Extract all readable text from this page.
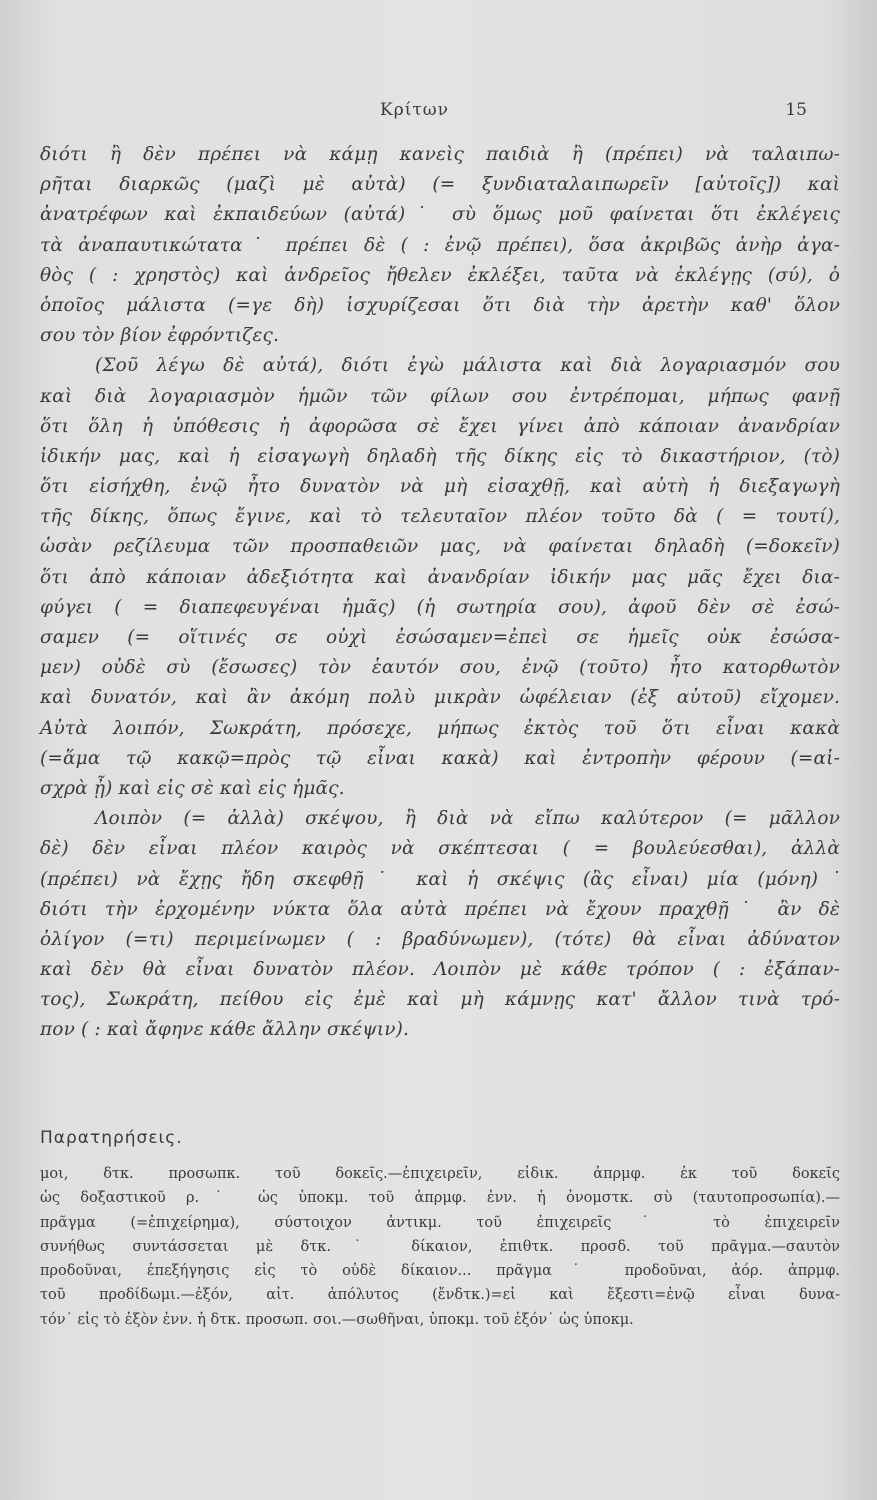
Κρίτων	15
διότι ἢ δὲν πρέπει νὰ κάμῃ κανεὶς παιδιὰ ἢ (πρέπει) νὰ ταλαιπω-
ρῆται διαρκῶς (μαζὶ μὲ αὐτὰ) (= ξυνδιαταλαιπωρεῖν [αὐτοῖς]) καὶ
ἀνατρέφων καὶ ἐκπαιδεύων (αὐτά)˙ σὺ ὅμως μοῦ φαίνεται ὅτι ἐκλέγεις
τὰ ἀναπαυτικώτατα˙ πρέπει δὲ ( : ἐνῷ πρέπει), ὅσα ἀκριβῶς ἀνὴρ ἀγα-
θὸς ( : χρηστὸς) καὶ ἀνδρεῖος ἤθελεν ἐκλέξει, ταῦτα νὰ ἐκλέγῃς (σύ), ὁ
ὁποῖος μάλιστα (=γε δὴ) ἰσχυρίζεσαι ὅτι διὰ τὴν ἀρετὴν καθ' ὅλον
σου τὸν βίον ἐφρόντιζες.
(Σοῦ λέγω δὲ αὐτά), διότι ἐγὼ μάλιστα καὶ διὰ λογαριασμόν σου
καὶ διὰ λογαριασμὸν ἡμῶν τῶν φίλων σου ἐντρέπομαι, μήπως φανῇ
ὅτι ὅλη ἡ ὑπόθεσις ἡ ἀφορῶσα σὲ ἔχει γίνει ἀπὸ κάποιαν ἀνανδρίαν
ἰδικήν μας, καὶ ἡ εἰσαγωγὴ δηλαδὴ τῆς δίκης εἰς τὸ δικαστήριον, (τὸ)
ὅτι εἰσήχθη, ἐνῷ ἦτο δυνατὸν νὰ μὴ εἰσαχθῇ, καὶ αὐτὴ ἡ διεξαγωγὴ
τῆς δίκης, ὅπως ἔγινε, καὶ τὸ τελευταῖον πλέον τοῦτο δὰ ( = τουτί),
ὡσὰν ρεζίλευμα τῶν προσπαθειῶν μας, νὰ φαίνεται δηλαδὴ (=δοκεῖν)
ὅτι ἀπὸ κάποιαν ἀδεξιότητα καὶ ἀνανδρίαν ἰδικήν μας μᾶς ἔχει δια-
φύγει ( = διαπεφευγέναι ἡμᾶς) (ἡ σωτηρία σου), ἀφοῦ δὲν σὲ ἐσώ-
σαμεν (= οἵτινές σε οὐχὶ ἐσώσαμεν=ἐπεὶ σε ἡμεῖς οὐκ ἐσώσα-
μεν) οὐδὲ σὺ (ἔσωσες) τὸν ἑαυτόν σου, ἐνῷ (τοῦτο) ἦτο κατορθωτὸν
καὶ δυνατόν, καὶ ἂν ἀκόμη πολὺ μικρὰν ὠφέλειαν (ἐξ αὐτοῦ) εἴχομεν.
Αὐτὰ λοιπόν, Σωκράτη, πρόσεχε, μήπως ἐκτὸς τοῦ ὅτι εἶναι κακὰ
(=ἅμα τῷ κακῷ=πρὸς τῷ εἶναι κακὰ) καὶ ἐντροπὴν φέρουν (=αἰ-
σχρὰ ᾖ) καὶ εἰς σὲ καὶ εἰς ἡμᾶς.
Λοιπὸν (= ἀλλὰ) σκέψου, ἢ διὰ νὰ εἴπω καλύτερον (= μᾶλλον
δὲ) δὲν εἶναι πλέον καιρὸς νὰ σκέπτεσαι ( = βουλεύεσθαι), ἀλλὰ
(πρέπει) νὰ ἔχῃς ἤδη σκεφθῇ˙ καὶ ἡ σκέψις (ἂς εἶναι) μία (μόνη)˙
διότι τὴν ἐρχομένην νύκτα ὅλα αὐτὰ πρέπει νὰ ἔχουν πραχθῇ˙ ἂν δὲ
ὀλίγον (=τι) περιμείνωμεν ( : βραδύνωμεν), (τότε) θὰ εἶναι ἀδύνατον
καὶ δὲν θὰ εἶναι δυνατὸν πλέον. Λοιπὸν μὲ κάθε τρόπον ( : ἐξάπαν-
τος), Σωκράτη, πείθου εἰς ἐμὲ καὶ μὴ κάμνῃς κατ' ἄλλον τινὰ τρό-
πον ( : καὶ ἄφηνε κάθε ἄλλην σκέψιν).
Παρατηρήσεις.
μοι, δτκ. προσωπκ. τοῦ δοκεῖς.—ἐπιχειρεῖν, εἰδικ. ἀπρμφ. ἐκ τοῦ δοκεῖς
ὡς δοξαστικοῦ ρ.˙ ὡς ὑποκμ. τοῦ ἀπρμφ. ἐνν. ἡ ὀνομστκ. σὺ (ταυτοπροσωπία).—
πρᾶγμα (=ἐπιχείρημα), σύστοιχον ἀντικμ. τοῦ ἐπιχειρεῖς˙ τὸ ἐπιχειρεῖν
συνήθως συντάσσεται μὲ δτκ.˙ δίκαιον, ἐπιθτκ. προσδ. τοῦ πρᾶγμα.—σαυτὸν
προδοῦναι, ἐπεξήγησις εἰς τὸ οὐδὲ δίκαιον... πρᾶγμα˙ προδοῦναι, ἀόρ. ἀπρμφ.
τοῦ προδίδωμι.—ἐξόν, αἰτ. ἀπόλυτος (ἔνδτκ.)=εἰ καὶ ἔξεστι=ἐνῷ εἶναι δυνα-
τόν˙ εἰς τὸ ἐξὸν ἐνν. ἡ δτκ. προσωπ. σοι.—σωθῆναι, ὑποκμ. τοῦ ἐξόν˙ ὡς ὑποκμ.
